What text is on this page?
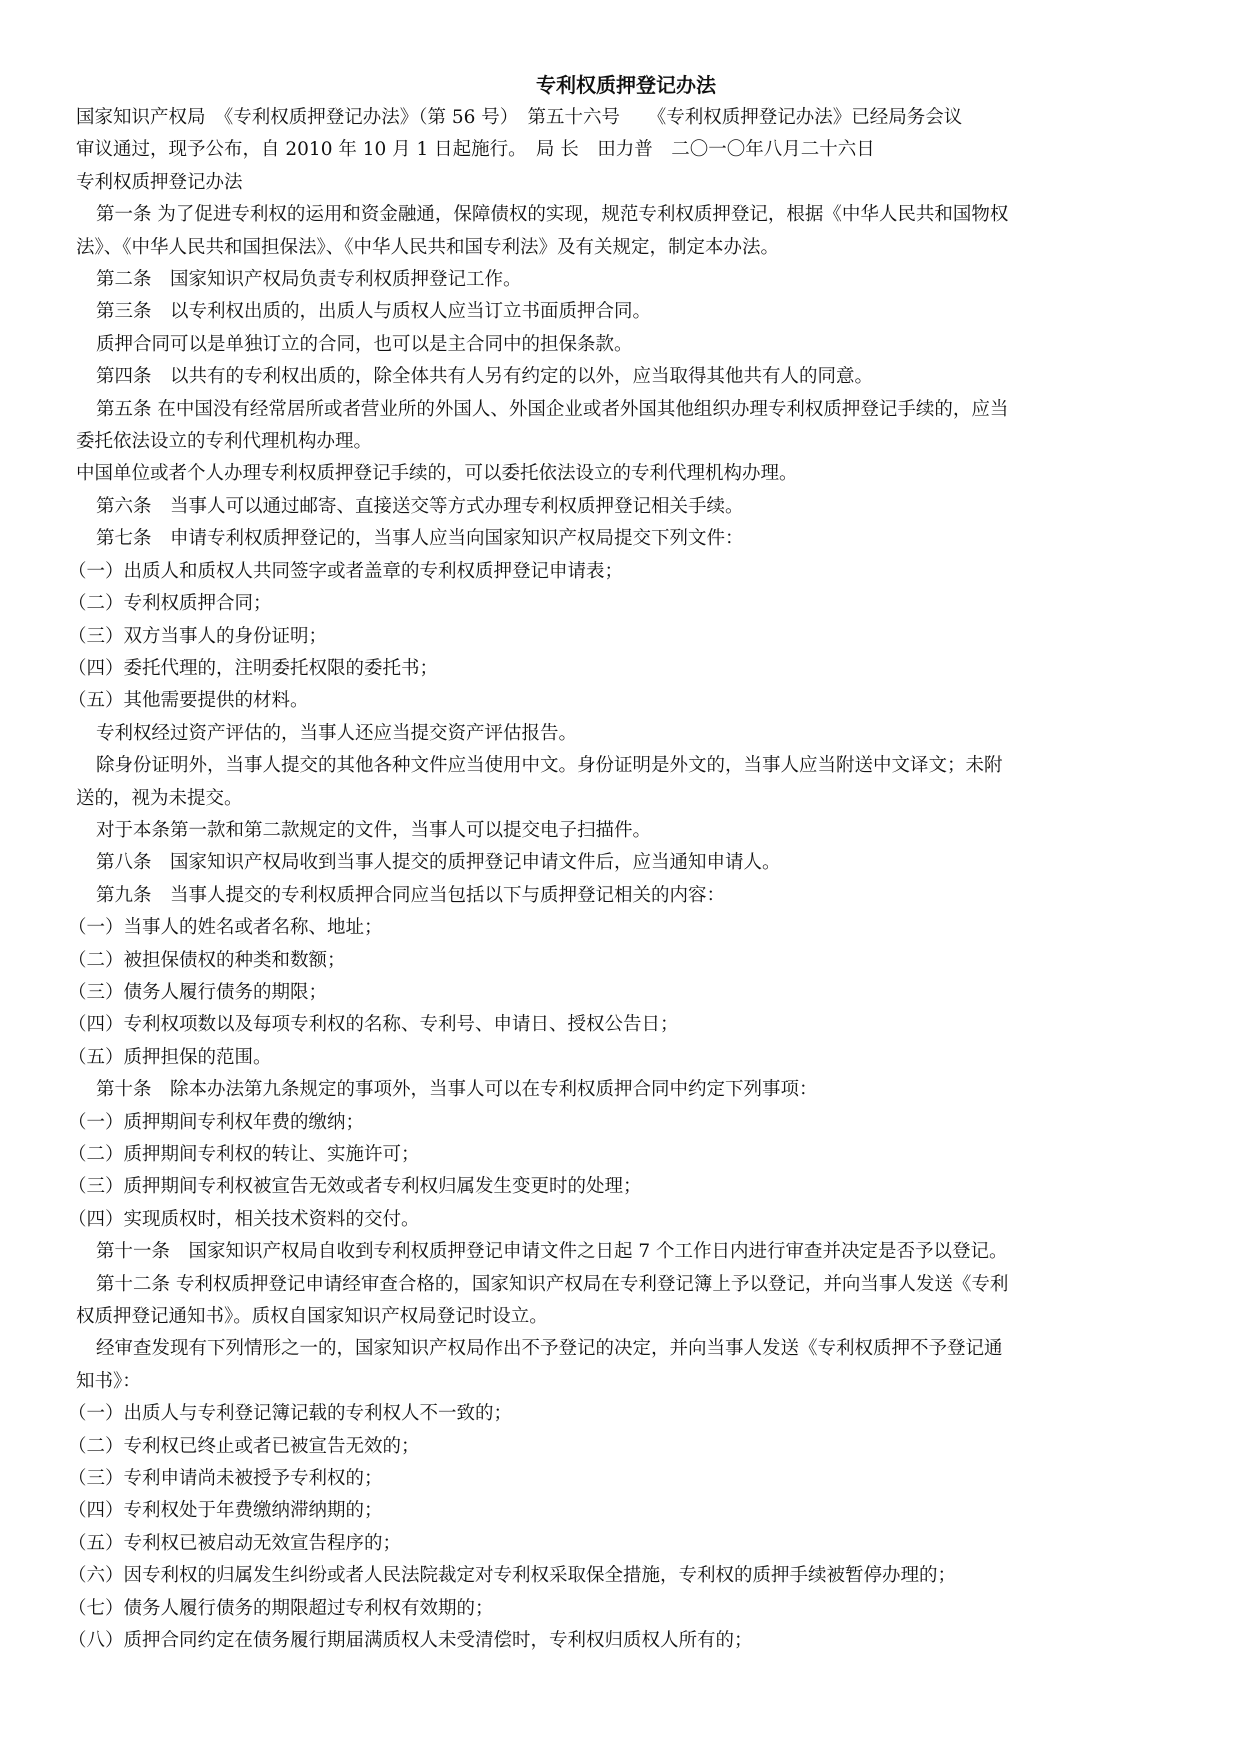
专利权质押登记办法

国家知识产权局　《专利权质押登记办法》（第 56 号）　第五十六号　　《专利权质押登记办法》已经局务会议

审议通过，现予公布，自 2010 年 10 月 1 日起施行。　局 长　田力普　二〇一〇年八月二十六日

专利权质押登记办法

第一条 为了促进专利权的运用和资金融通，保障债权的实现，规范专利权质押登记，根据《中华人民共和国物权

法》、《中华人民共和国担保法》、《中华人民共和国专利法》及有关规定，制定本办法。

第二条　国家知识产权局负责专利权质押登记工作。

第三条　以专利权出质的，出质人与质权人应当订立书面质押合同。

质押合同可以是单独订立的合同，也可以是主合同中的担保条款。

第四条　以共有的专利权出质的，除全体共有人另有约定的以外，应当取得其他共有人的同意。

第五条 在中国没有经常居所或者营业所的外国人、外国企业或者外国其他组织办理专利权质押登记手续的，应当

委托依法设立的专利代理机构办理。

中国单位或者个人办理专利权质押登记手续的，可以委托依法设立的专利代理机构办理。

第六条　当事人可以通过邮寄、直接送交等方式办理专利权质押登记相关手续。

第七条　申请专利权质押登记的，当事人应当向国家知识产权局提交下列文件：

（一）出质人和质权人共同签字或者盖章的专利权质押登记申请表；

（二）专利权质押合同；

（三）双方当事人的身份证明；

（四）委托代理的，注明委托权限的委托书；

（五）其他需要提供的材料。

专利权经过资产评估的，当事人还应当提交资产评估报告。

除身份证明外，当事人提交的其他各种文件应当使用中文。身份证明是外文的，当事人应当附送中文译文；未附

送的，视为未提交。

对于本条第一款和第二款规定的文件，当事人可以提交电子扫描件。

第八条　国家知识产权局收到当事人提交的质押登记申请文件后，应当通知申请人。

第九条　当事人提交的专利权质押合同应当包括以下与质押登记相关的内容：

（一）当事人的姓名或者名称、地址；

（二）被担保债权的种类和数额；

（三）债务人履行债务的期限；

（四）专利权项数以及每项专利权的名称、专利号、申请日、授权公告日；

（五）质押担保的范围。

第十条　除本办法第九条规定的事项外，当事人可以在专利权质押合同中约定下列事项：

（一）质押期间专利权年费的缴纳；

（二）质押期间专利权的转让、实施许可；

（三）质押期间专利权被宣告无效或者专利权归属发生变更时的处理；

（四）实现质权时，相关技术资料的交付。

第十一条　国家知识产权局自收到专利权质押登记申请文件之日起 7 个工作日内进行审查并决定是否予以登记。

第十二条 专利权质押登记申请经审查合格的，国家知识产权局在专利登记簿上予以登记，并向当事人发送《专利

权质押登记通知书》。质权自国家知识产权局登记时设立。

经审查发现有下列情形之一的，国家知识产权局作出不予登记的决定，并向当事人发送《专利权质押不予登记通

知书》：

（一）出质人与专利登记簿记载的专利权人不一致的；

（二）专利权已终止或者已被宣告无效的；

（三）专利申请尚未被授予专利权的；

（四）专利权处于年费缴纳滞纳期的；

（五）专利权已被启动无效宣告程序的；

（六）因专利权的归属发生纠纷或者人民法院裁定对专利权采取保全措施，专利权的质押手续被暂停办理的；

（七）债务人履行债务的期限超过专利权有效期的；

（八）质押合同约定在债务履行期届满质权人未受清偿时，专利权归质权人所有的；
